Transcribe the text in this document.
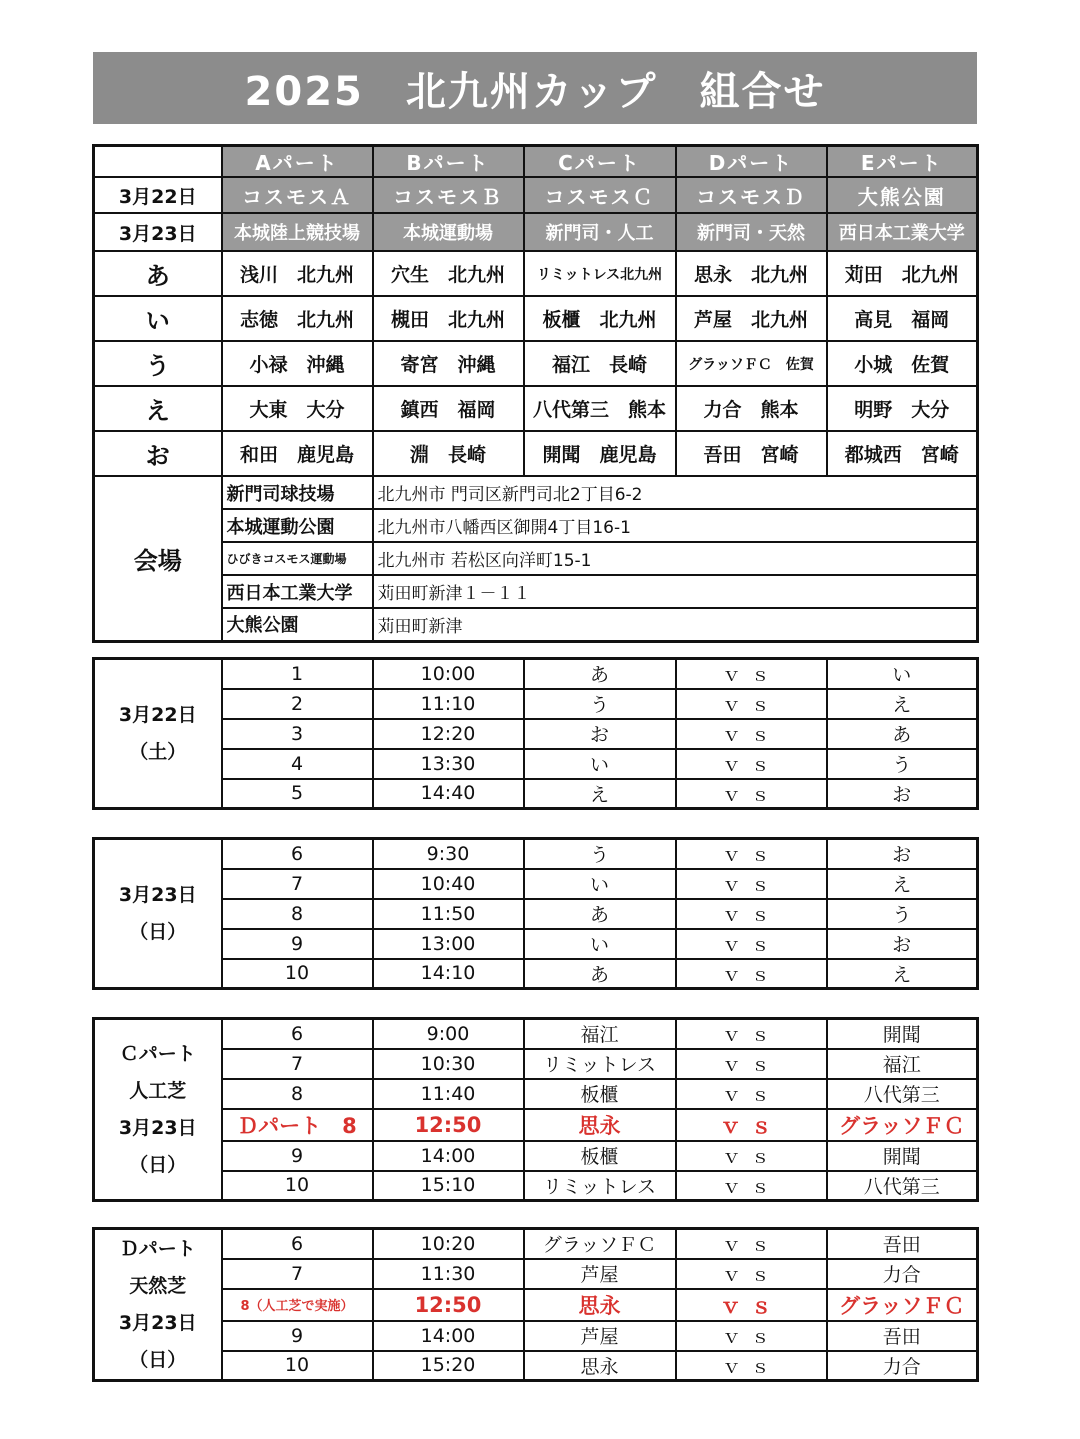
2025　北九州カップ　組合せ
	Aパート	Bパート	Cパート	Dパート	Eパート
3月22日	コスモスＡ	コスモスＢ	コスモスＣ	コスモスＤ	大熊公園
3月23日	本城陸上競技場	本城運動場	新門司・人工	新門司・天然	西日本工業大学
あ	浅川　北九州	穴生　北九州	リミットレス北九州	思永　北九州	苅田　北九州
い	志徳　北九州	槻田　北九州	板櫃　北九州	芦屋　北九州	高見　福岡
う	小禄　沖縄	寄宮　沖縄	福江　長崎	グラッソＦＣ　佐賀	小城　佐賀
え	大東　大分	鎮西　福岡	八代第三　熊本	力合　熊本	明野　大分
お	和田　鹿児島	淵　長崎	開聞　鹿児島	吾田　宮崎	都城西　宮崎
会場	新門司球技場	北九州市 門司区新門司北2丁目6-2			
	本城運動公園	北九州市八幡西区御開4丁目16-1			
	ひびきコスモス運動場	北九州市 若松区向洋町15-1			
	西日本工業大学	苅田町新津１－１１			
	大熊公園	苅田町新津			
3月22日
（土）	1	10:00	あ	ｖｓ	い
	2	11:10	う	ｖｓ	え
	3	12:20	お	ｖｓ	あ
	4	13:30	い	ｖｓ	う
	5	14:40	え	ｖｓ	お
3月23日
（日）	6	9:30	う	ｖｓ	お
	7	10:40	い	ｖｓ	え
	8	11:50	あ	ｖｓ	う
	9	13:00	い	ｖｓ	お
	10	14:10	あ	ｖｓ	え
Ｃパート
人工芝
3月23日
（日）	6	9:00	福江	ｖｓ	開聞
	7	10:30	リミットレス	ｖｓ	福江
	8	11:40	板櫃	ｖｓ	八代第三
	Ｄパート　8	12:50	思永	ｖｓ	グラッソＦＣ
	9	14:00	板櫃	ｖｓ	開聞
	10	15:10	リミットレス	ｖｓ	八代第三
Ｄパート
天然芝
3月23日
（日）	6	10:20	グラッソＦＣ	ｖｓ	吾田
	7	11:30	芦屋	ｖｓ	力合
	8（人工芝で実施）	12:50	思永	ｖｓ	グラッソＦＣ
	9	14:00	芦屋	ｖｓ	吾田
	10	15:20	思永	ｖｓ	力合
